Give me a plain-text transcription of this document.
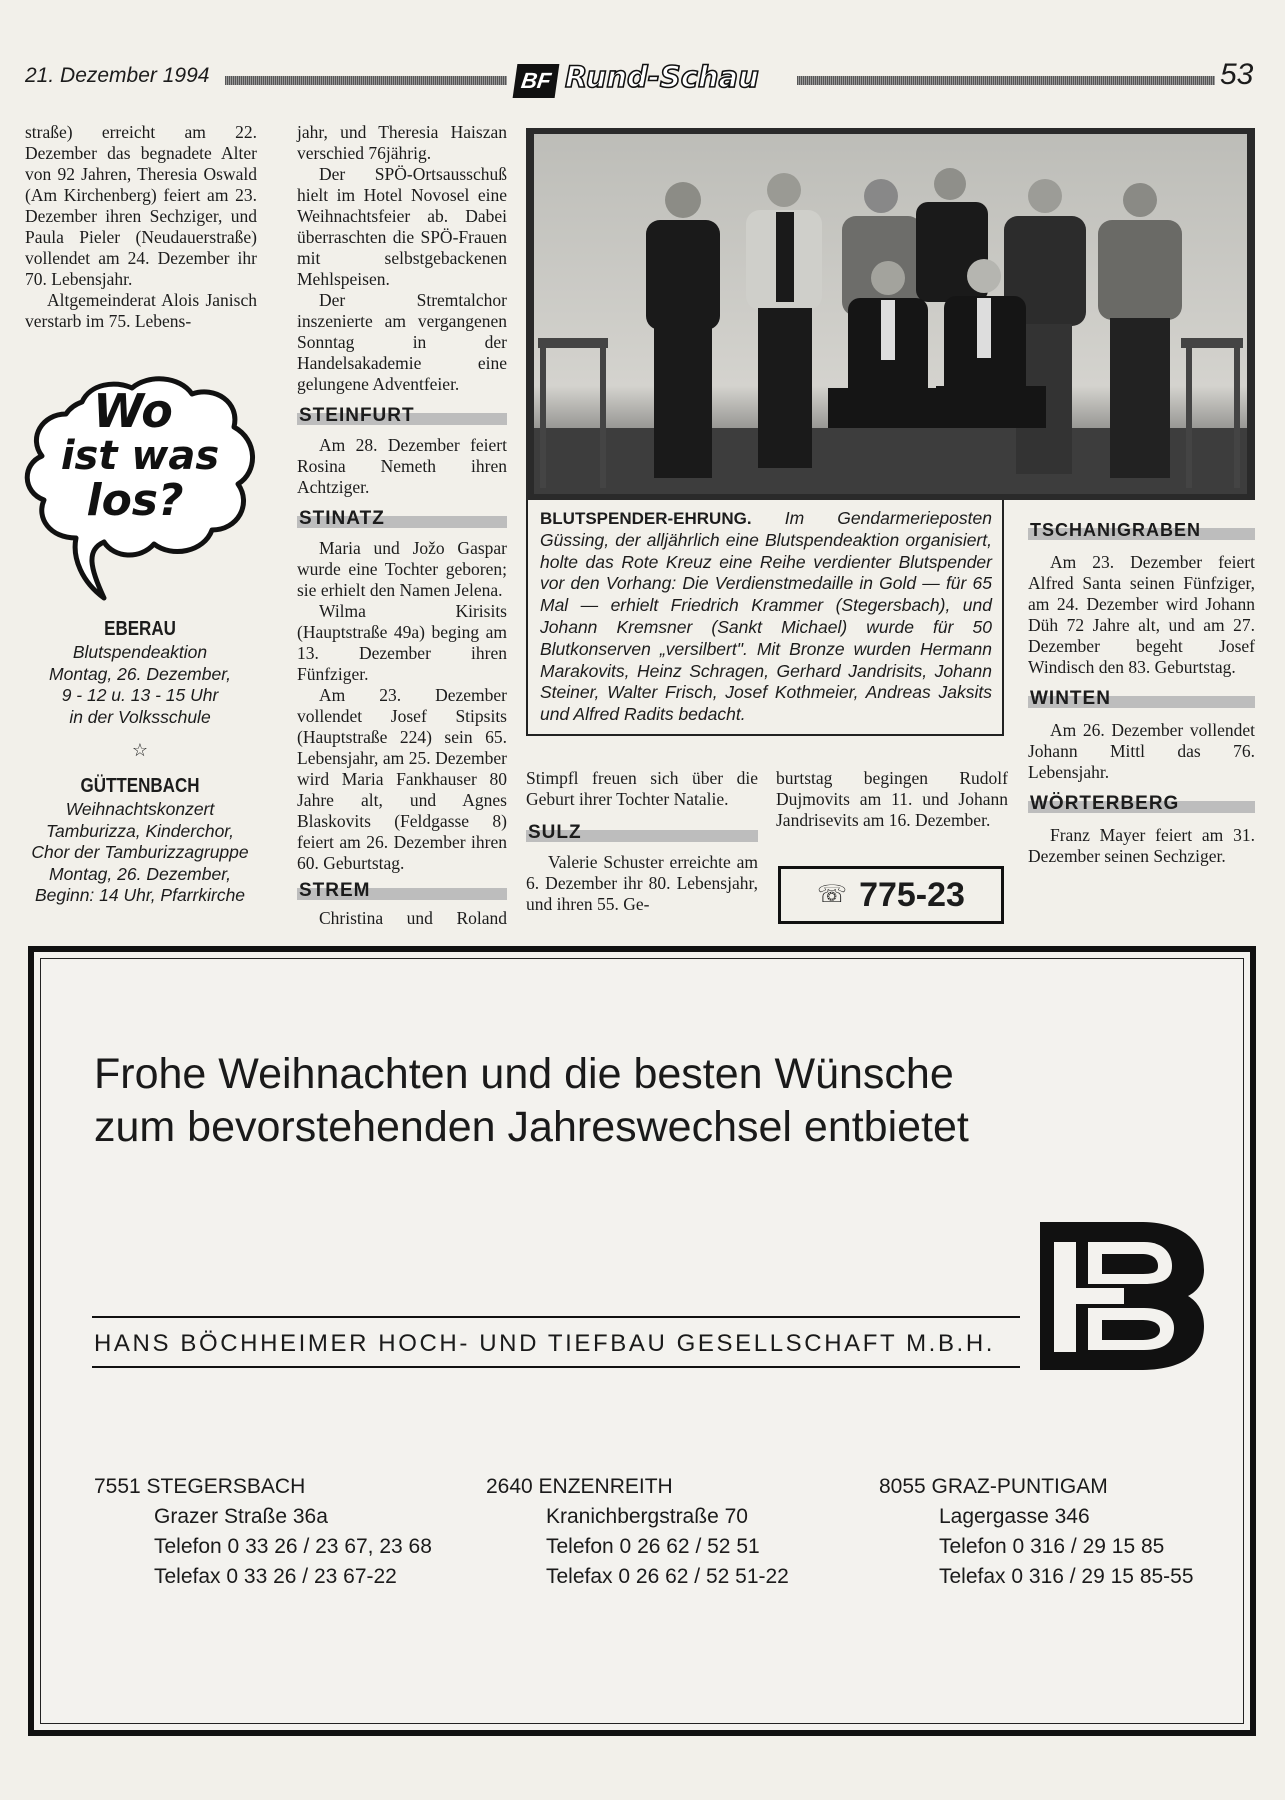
21. Dezember 1994	BF Rund-Schau	53

straße) erreicht am 22. Dezember das begnadete Alter von 92 Jahren, Theresia Oswald (Am Kirchenberg) feiert am 23. Dezember ihren Sechziger, und Paula Pieler (Neudauerstraße) vollendet am 24. Dezember ihr 70. Lebensjahr.

Altgemeinderat Alois Janisch verstarb im 75. Lebens-

Wo
ist was
los?
EBERAU
Blutspendeaktion
Montag, 26. Dezember,
9 - 12 u. 13 - 15 Uhr
in der Volksschule
☆
GÜTTENBACH
Weihnachtskonzert
Tamburizza, Kinderchor,
Chor der Tamburizzagruppe
Montag, 26. Dezember,
Beginn: 14 Uhr, Pfarrkirche

jahr, und Theresia Haiszan verschied 76jährig.

Der SPÖ-Ortsausschuß hielt im Hotel Novosel eine Weihnachtsfeier ab. Dabei überraschten die SPÖ-Frauen mit selbstgebackenen Mehlspeisen.

Der Stremtalchor inszenierte am vergangenen Sonntag in der Handelsakademie eine gelungene Adventfeier.

STEINFURT

Am 28. Dezember feiert Rosina Nemeth ihren Achtziger.

STINATZ

Maria und Jožo Gaspar wurde eine Tochter geboren; sie erhielt den Namen Jelena.

Wilma Kirisits (Hauptstraße 49a) beging am 13. Dezember ihren Fünfziger.

Am 23. Dezember vollendet Josef Stipsits (Hauptstraße 224) sein 65. Lebensjahr, am 25. Dezember wird Maria Fankhauser 80 Jahre alt, und Agnes Blaskovits (Feldgasse 8) feiert am 26. Dezember ihren 60. Geburtstag.

STREM

Christina und Roland

BLUTSPENDER-EHRUNG. Im Gendarmerieposten Güssing, der alljährlich eine Blutspendeaktion organisiert, holte das Rote Kreuz eine Reihe verdienter Blutspender vor den Vorhang: Die Verdienstmedaille in Gold — für 65 Mal — erhielt Friedrich Krammer (Stegersbach), und Johann Kremsner (Sankt Michael) wurde für 50 Blutkonserven „versilbert". Mit Bronze wurden Hermann Marakovits, Heinz Schragen, Gerhard Jandrisits, Johann Steiner, Walter Frisch, Josef Kothmeier, Andreas Jaksits und Alfred Radits bedacht.

Stimpfl freuen sich über die Geburt ihrer Tochter Natalie.

SULZ

Valerie Schuster erreichte am 6. Dezember ihr 80. Lebensjahr, und ihren 55. Ge-

burtstag begingen Rudolf Dujmovits am 11. und Johann Jandrisevits am 16. Dezember.

☏ 775-23
TSCHANIGRABEN

Am 23. Dezember feiert Alfred Santa seinen Fünfziger, am 24. Dezember wird Johann Düh 72 Jahre alt, und am 27. Dezember begeht Josef Windisch den 83. Geburtstag.

WINTEN

Am 26. Dezember vollendet Johann Mittl das 76. Lebensjahr.

WÖRTERBERG

Franz Mayer feiert am 31. Dezember seinen Sechziger.

Frohe Weihnachten und die besten Wünsche
zum bevorstehenden Jahreswechsel entbietet
HANS BÖCHHEIMER HOCH- UND TIEFBAU GESELLSCHAFT M.B.H.
7551 STEGERSBACH
Grazer Straße 36a
Telefon 0 33 26 / 23 67, 23 68
Telefax 0 33 26 / 23 67-22
2640 ENZENREITH
Kranichbergstraße 70
Telefon 0 26 62 / 52 51
Telefax 0 26 62 / 52 51-22
8055 GRAZ-PUNTIGAM
Lagergasse 346
Telefon 0 316 / 29 15 85
Telefax 0 316 / 29 15 85-55
